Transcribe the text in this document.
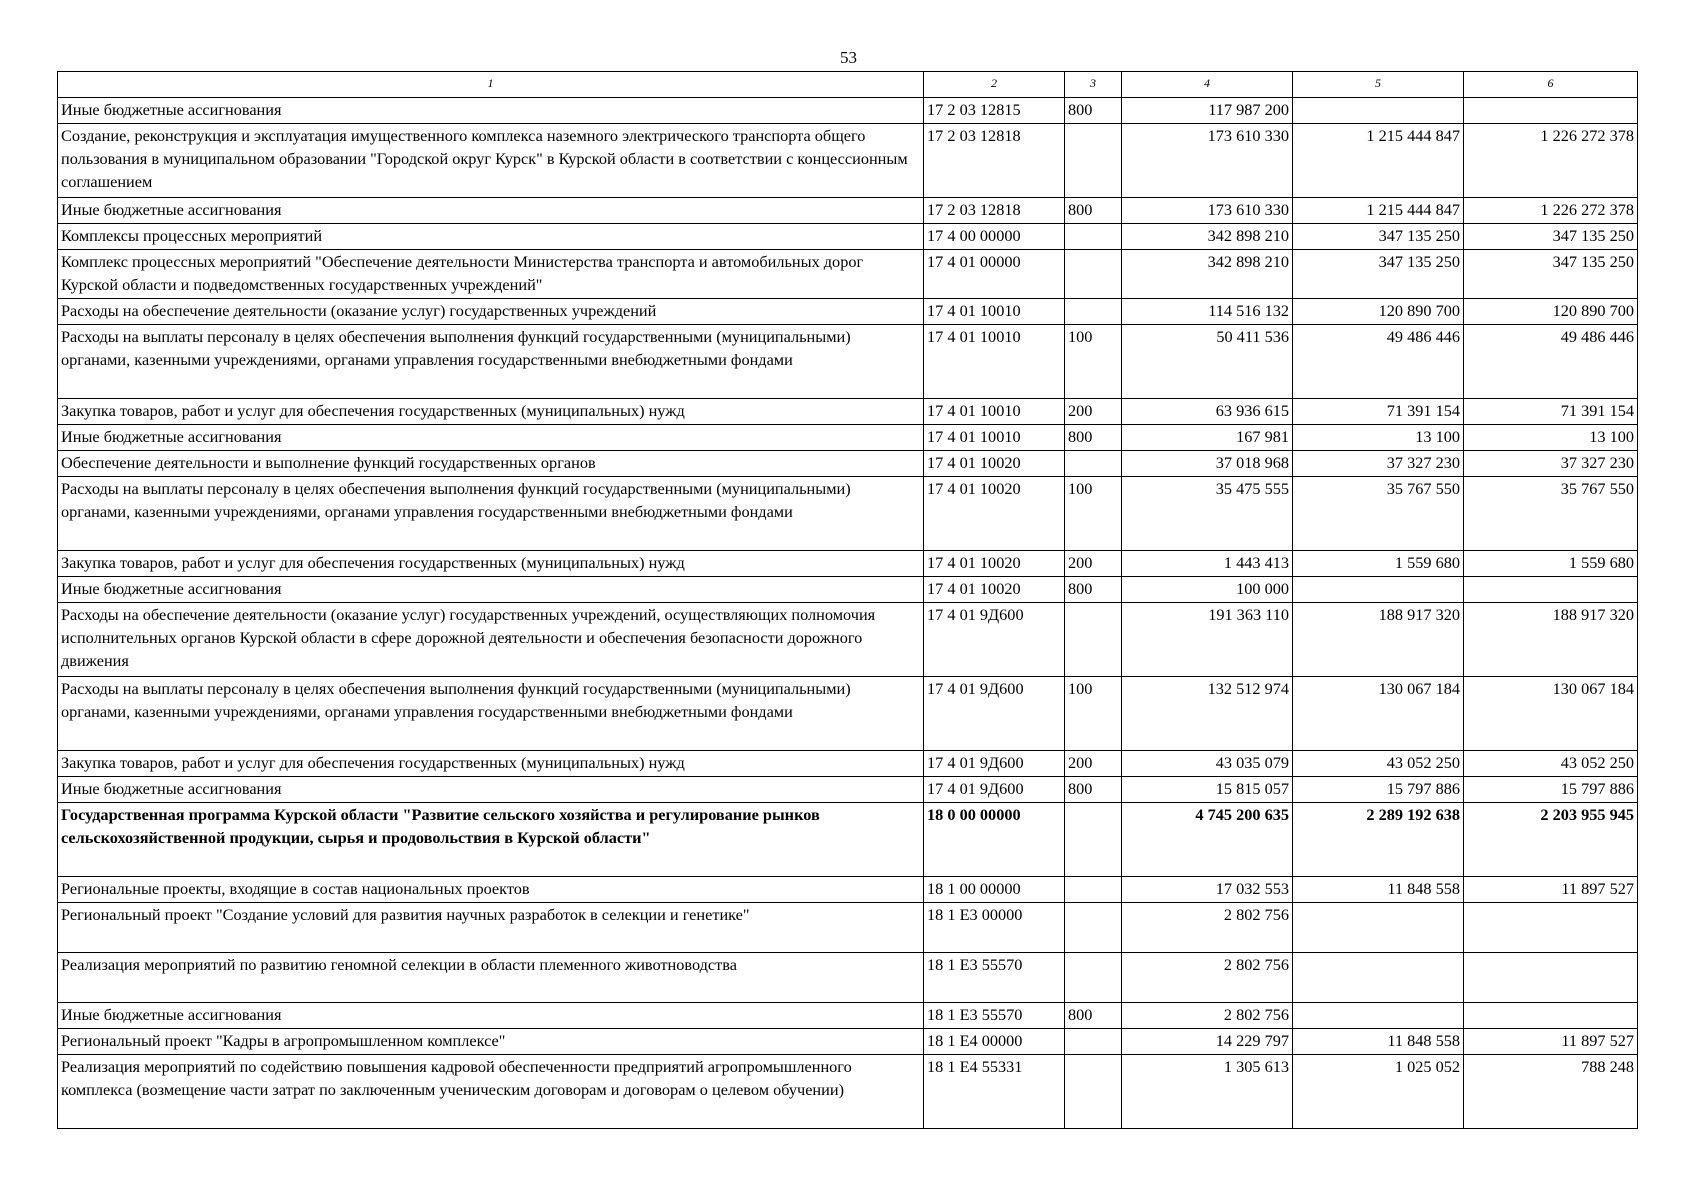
53
1	2	3	4	5	6
Иные бюджетные ассигнования	17 2 03 12815	800	117 987 200		
Создание, реконструкция и эксплуатация имущественного комплекса наземного электрического транспорта общего пользования в муниципальном образовании "Городской округ Курск" в Курской области в соответствии с концессионным соглашением	17 2 03 12818		173 610 330	1 215 444 847	1 226 272 378
Иные бюджетные ассигнования	17 2 03 12818	800	173 610 330	1 215 444 847	1 226 272 378
Комплексы процессных мероприятий	17 4 00 00000		342 898 210	347 135 250	347 135 250
Комплекс процессных мероприятий "Обеспечение деятельности Министерства транспорта и автомобильных дорог Курской области и подведомственных государственных учреждений"	17 4 01 00000		342 898 210	347 135 250	347 135 250
Расходы на обеспечение деятельности (оказание услуг) государственных учреждений	17 4 01 10010		114 516 132	120 890 700	120 890 700
Расходы на выплаты персоналу в целях обеспечения выполнения функций государственными (муниципальными) органами, казенными учреждениями, органами управления государственными внебюджетными фондами	17 4 01 10010	100	50 411 536	49 486 446	49 486 446
Закупка товаров, работ и услуг для обеспечения государственных (муниципальных) нужд	17 4 01 10010	200	63 936 615	71 391 154	71 391 154
Иные бюджетные ассигнования	17 4 01 10010	800	167 981	13 100	13 100
Обеспечение деятельности и выполнение функций государственных органов	17 4 01 10020		37 018 968	37 327 230	37 327 230
Расходы на выплаты персоналу в целях обеспечения выполнения функций государственными (муниципальными) органами, казенными учреждениями, органами управления государственными внебюджетными фондами	17 4 01 10020	100	35 475 555	35 767 550	35 767 550
Закупка товаров, работ и услуг для обеспечения государственных (муниципальных) нужд	17 4 01 10020	200	1 443 413	1 559 680	1 559 680
Иные бюджетные ассигнования	17 4 01 10020	800	100 000		
Расходы на обеспечение деятельности (оказание услуг) государственных учреждений, осуществляющих полномочия исполнительных органов Курской области в сфере дорожной деятельности и обеспечения безопасности дорожного движения	17 4 01 9Д600		191 363 110	188 917 320	188 917 320
Расходы на выплаты персоналу в целях обеспечения выполнения функций государственными (муниципальными) органами, казенными учреждениями, органами управления государственными внебюджетными фондами	17 4 01 9Д600	100	132 512 974	130 067 184	130 067 184
Закупка товаров, работ и услуг для обеспечения государственных (муниципальных) нужд	17 4 01 9Д600	200	43 035 079	43 052 250	43 052 250
Иные бюджетные ассигнования	17 4 01 9Д600	800	15 815 057	15 797 886	15 797 886
Государственная программа Курской области "Развитие сельского хозяйства и регулирование рынков сельскохозяйственной продукции, сырья и продовольствия в Курской области"	18 0 00 00000		4 745 200 635	2 289 192 638	2 203 955 945
Региональные проекты, входящие в состав национальных проектов	18 1 00 00000		17 032 553	11 848 558	11 897 527
Региональный проект "Создание условий для развития научных разработок в селекции и генетике"	18 1 E3 00000		2 802 756		
Реализация мероприятий по развитию геномной селекции в области племенного животноводства	18 1 E3 55570		2 802 756		
Иные бюджетные ассигнования	18 1 E3 55570	800	2 802 756		
Региональный проект "Кадры в агропромышленном комплексе"	18 1 E4 00000		14 229 797	11 848 558	11 897 527
Реализация мероприятий по содействию повышения кадровой обеспеченности предприятий агропромышленного комплекса (возмещение части затрат по заключенным ученическим договорам и договорам о целевом обучении)	18 1 E4 55331		1 305 613	1 025 052	788 248
